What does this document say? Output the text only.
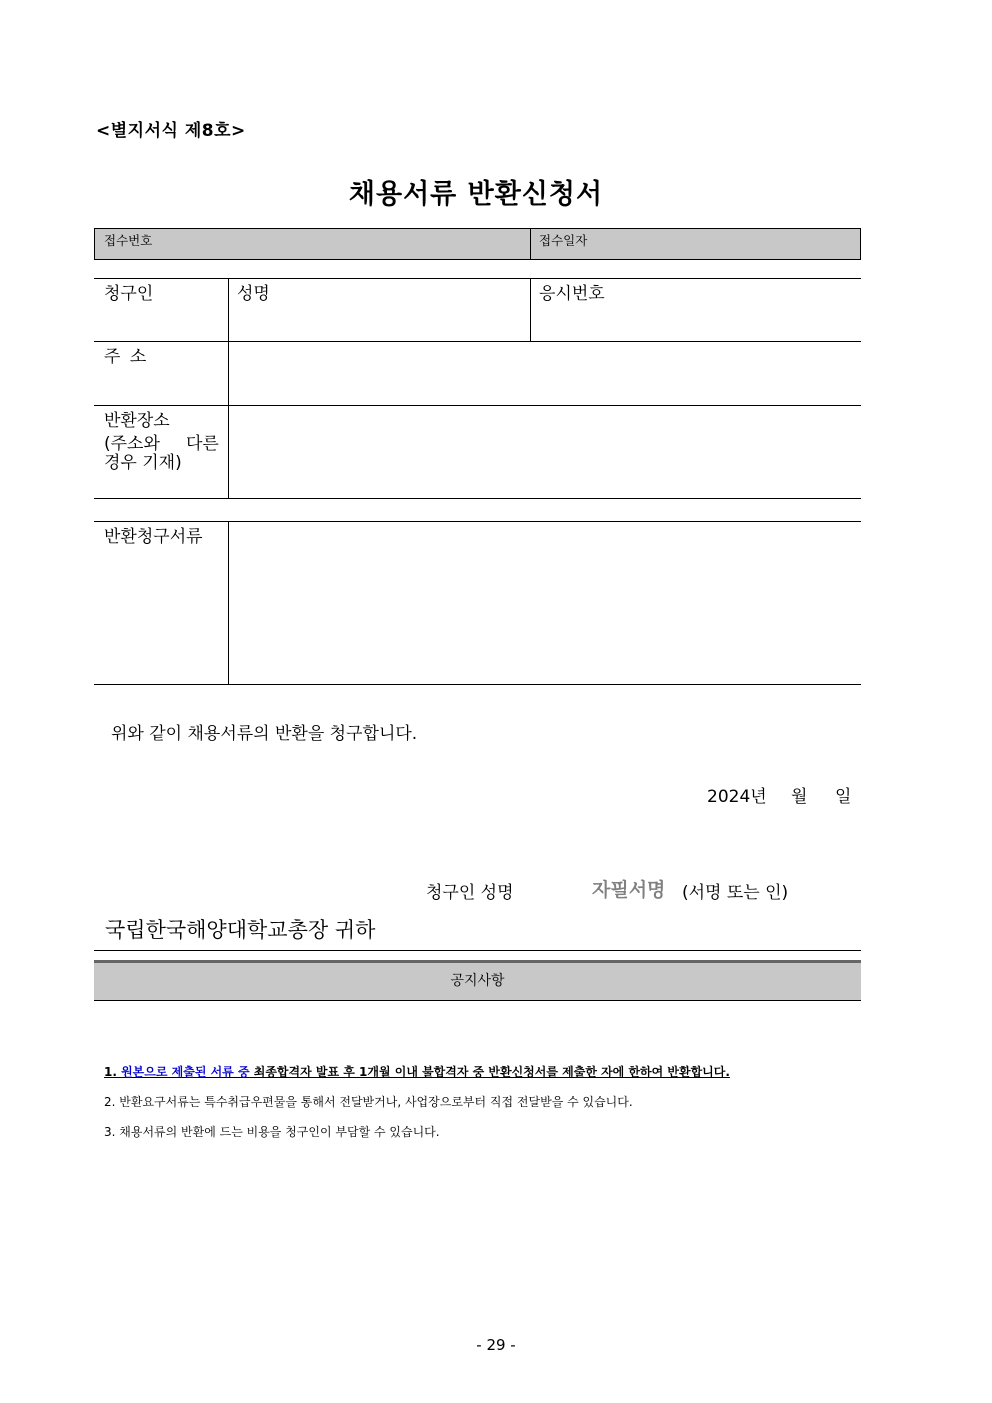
<별지서식 제8호>
채용서류 반환신청서
접수번호	접수일자
청구인	성명	응시번호
주 소
반환장소
(주소와 다른
경우 기재)
반환청구서류
위와 같이 채용서류의 반환을 청구합니다.
2024년 월 일
청구인 성명	자필서명 (서명 또는 인)
국립한국해양대학교총장 귀하
공지사항
1. 원본으로 제출된 서류 중 최종합격자 발표 후 1개월 이내 불합격자 중 반환신청서를 제출한 자에 한하여 반환합니다.
2. 반환요구서류는 특수취급우편물을 통해서 전달받거나, 사업장으로부터 직접 전달받을 수 있습니다.
3. 채용서류의 반환에 드는 비용을 청구인이 부담할 수 있습니다.
- 29 -
